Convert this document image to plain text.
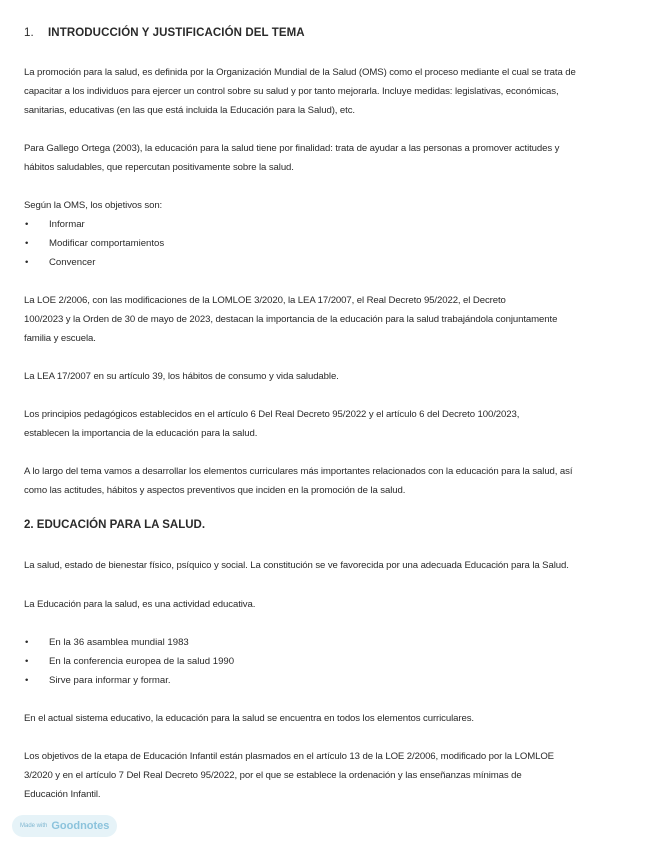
1. INTRODUCCIÓN Y JUSTIFICACIÓN DEL TEMA

La promoción para la salud, es definida por la Organización Mundial de la Salud (OMS) como el proceso mediante el cual se trata de
capacitar a los individuos para ejercer un control sobre su salud y por tanto mejorarla. Incluye medidas: legislativas, económicas,
sanitarias, educativas (en las que está incluida la Educación para la Salud), etc.

Para Gallego Ortega (2003), la educación para la salud tiene por finalidad: trata de ayudar a las personas a promover actitudes y
hábitos saludables, que repercutan positivamente sobre la salud.

Según la OMS, los objetivos son:

• Informar
• Modificar comportamientos
• Convencer

La LOE 2/2006, con las modificaciones de la LOMLOE 3/2020, la LEA 17/2007, el Real Decreto 95/2022, el Decreto
100/2023 y la Orden de 30 de mayo de 2023, destacan la importancia de la educación para la salud trabajándola conjuntamente
familia y escuela.

La LEA 17/2007 en su artículo 39, los hábitos de consumo y vida saludable.

Los principios pedagógicos establecidos en el artículo 6 Del Real Decreto 95/2022 y el artículo 6 del Decreto 100/2023,
establecen la importancia de la educación para la salud.

A lo largo del tema vamos a desarrollar los elementos curriculares más importantes relacionados con la educación para la salud, así
como las actitudes, hábitos y aspectos preventivos que inciden en la promoción de la salud.

2. EDUCACIÓN PARA LA SALUD.

La salud, estado de bienestar físico, psíquico y social. La constitución se ve favorecida por una adecuada Educación para la Salud.

La Educación para la salud, es una actividad educativa.

• En la 36 asamblea mundial 1983
• En la conferencia europea de la salud 1990
• Sirve para informar y formar.

En el actual sistema educativo, la educación para la salud se encuentra en todos los elementos curriculares.

Los objetivos de la etapa de Educación Infantil están plasmados en el artículo 13 de la LOE 2/2006, modificado por la LOMLOE
3/2020 y en el artículo 7 Del Real Decreto 95/2022, por el que se establece la ordenación y las enseñanzas mínimas de
Educación Infantil.

Made with Goodnotes
